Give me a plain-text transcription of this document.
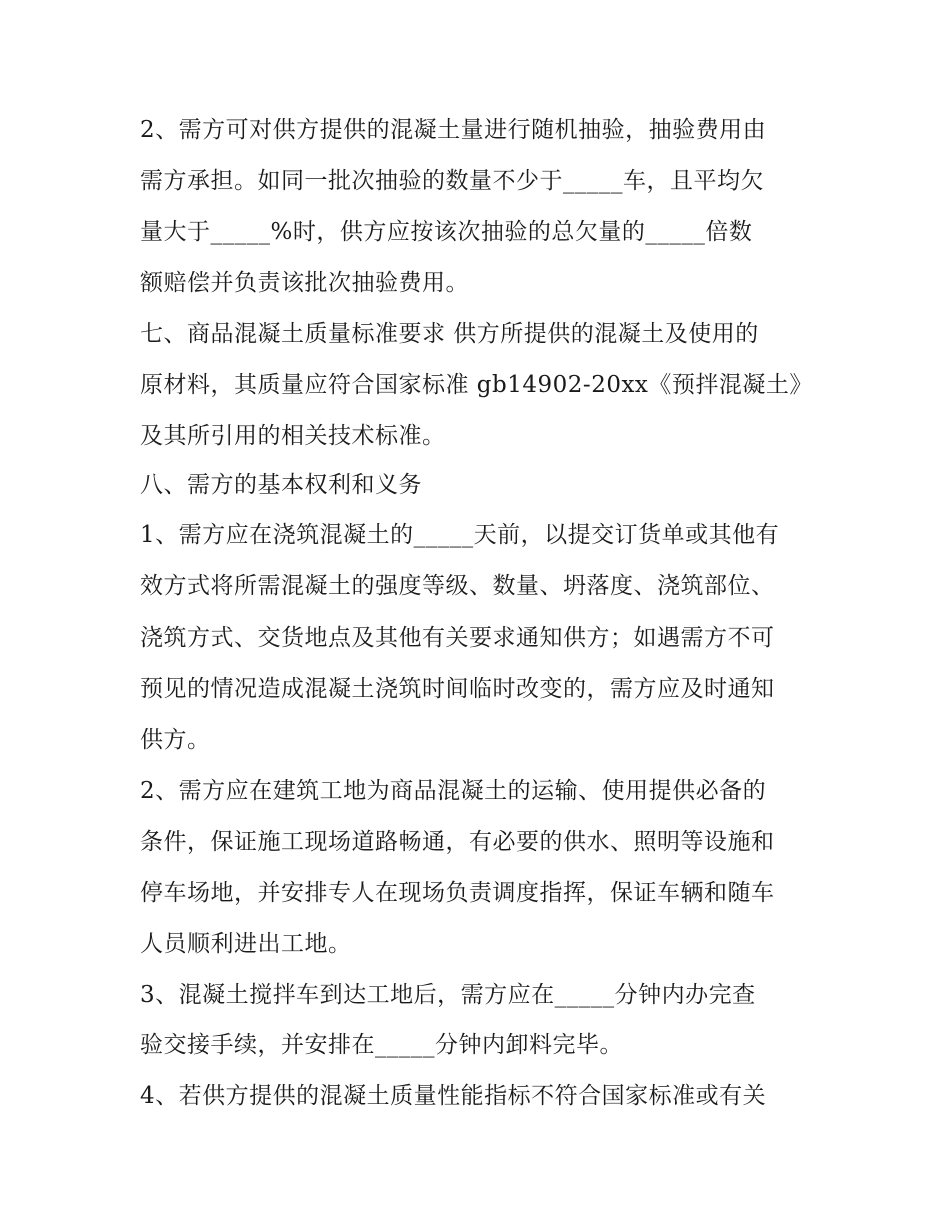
2、需方可对供方提供的混凝土量进行随机抽验，抽验费用由
需方承担。如同一批次抽验的数量不少于_____车，且平均欠
量大于_____%时，供方应按该次抽验的总欠量的_____倍数
额赔偿并负责该批次抽验费用。
七、商品混凝土质量标准要求 供方所提供的混凝土及使用的
原材料，其质量应符合国家标准 gb14902-20xx《预拌混凝土》
及其所引用的相关技术标准。
八、需方的基本权利和义务
1、需方应在浇筑混凝土的_____天前，以提交订货单或其他有
效方式将所需混凝土的强度等级、数量、坍落度、浇筑部位、
浇筑方式、交货地点及其他有关要求通知供方；如遇需方不可
预见的情况造成混凝土浇筑时间临时改变的，需方应及时通知
供方。
2、需方应在建筑工地为商品混凝土的运输、使用提供必备的
条件，保证施工现场道路畅通，有必要的供水、照明等设施和
停车场地，并安排专人在现场负责调度指挥，保证车辆和随车
人员顺利进出工地。
3、混凝土搅拌车到达工地后，需方应在_____分钟内办完查
验交接手续，并安排在_____分钟内卸料完毕。
4、若供方提供的混凝土质量性能指标不符合国家标准或有关
